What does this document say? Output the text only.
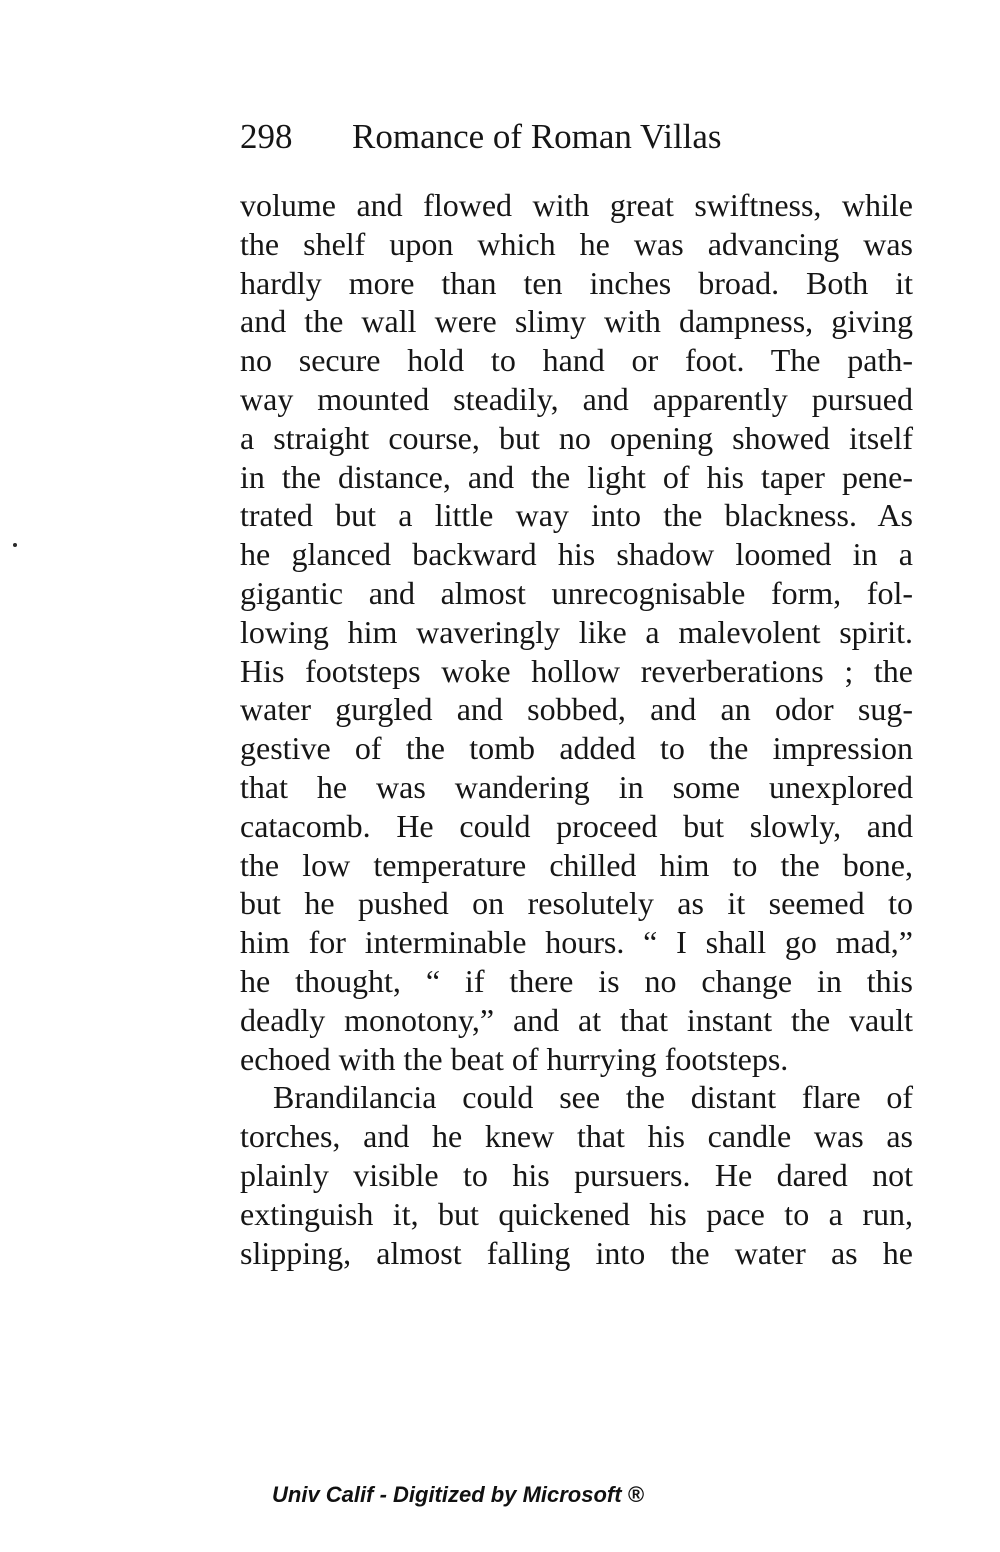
298 Romance of Roman Villas
volume and flowed with great swiftness, while
the shelf upon which he was advancing was
hardly more than ten inches broad. Both it
and the wall were slimy with dampness, giving
no secure hold to hand or foot. The path-
way mounted steadily, and apparently pursued
a straight course, but no opening showed itself
in the distance, and the light of his taper pene-
trated but a little way into the blackness. As
he glanced backward his shadow loomed in a
gigantic and almost unrecognisable form, fol-
lowing him waveringly like a malevolent spirit.
His footsteps woke hollow reverberations ; the
water gurgled and sobbed, and an odor sug-
gestive of the tomb added to the impression
that he was wandering in some unexplored
catacomb. He could proceed but slowly, and
the low temperature chilled him to the bone,
but he pushed on resolutely as it seemed to
him for interminable hours. “ I shall go mad,”
he thought, “ if there is no change in this
deadly monotony,” and at that instant the vault
echoed with the beat of hurrying footsteps.
Brandilancia could see the distant flare of
torches, and he knew that his candle was as
plainly visible to his pursuers. He dared not
extinguish it, but quickened his pace to a run,
slipping, almost falling into the water as he
Univ Calif - Digitized by Microsoft ®
